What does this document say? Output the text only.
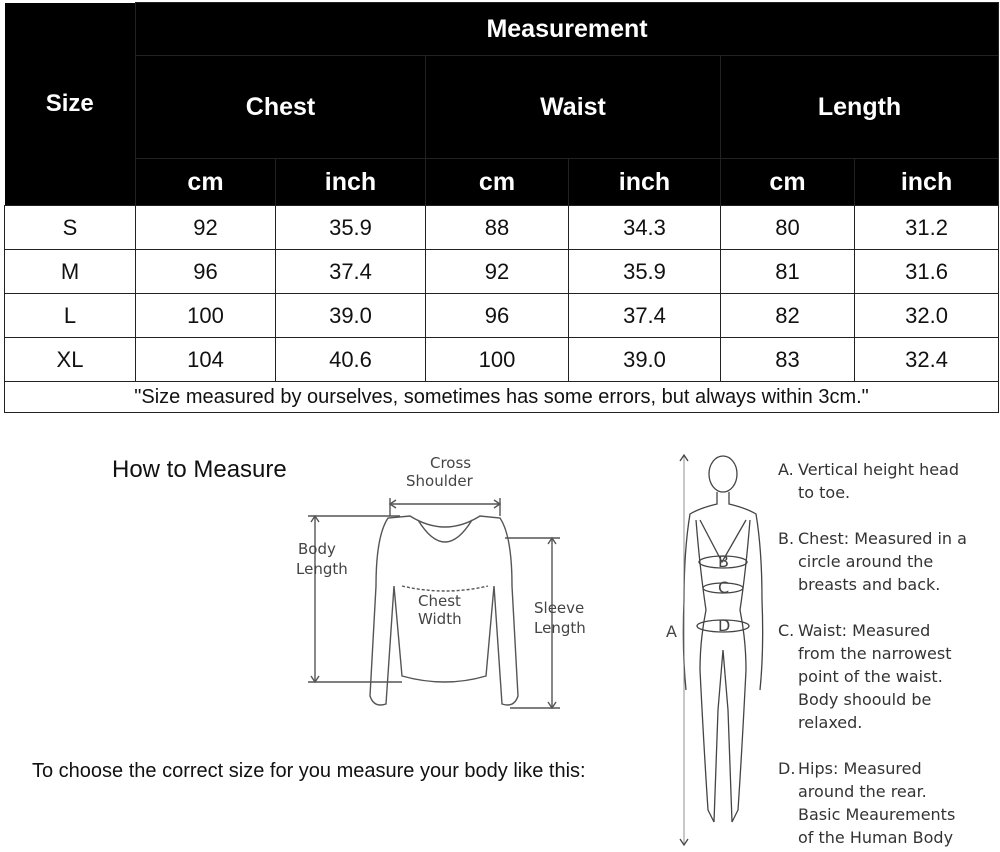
Size	Measurement					
	Chest		Waist		Length	
	cm	inch	cm	inch	cm	inch
S	92	35.9	88	34.3	80	31.2
M	96	37.4	92	35.9	81	31.6
L	100	39.0	96	37.4	82	32.0
XL	104	40.6	100	39.0	83	32.4
"Size measured by ourselves, sometimes has some errors, but always within 3cm."						
How to Measure	Cross
Shoulder
Body
Length
Chest
Width
Sleeve
Length
To choose the correct size for you measure your body like this:
B
C
D
A
A. Vertical height head
to toe.
B. Chest: Measured in a
circle around the
breasts and back.
C. Waist: Measured
from the narrowest
point of the waist.
Body shoould be
relaxed.
D. Hips: Measured
around the rear.
Basic Meaurements
of the Human Body
